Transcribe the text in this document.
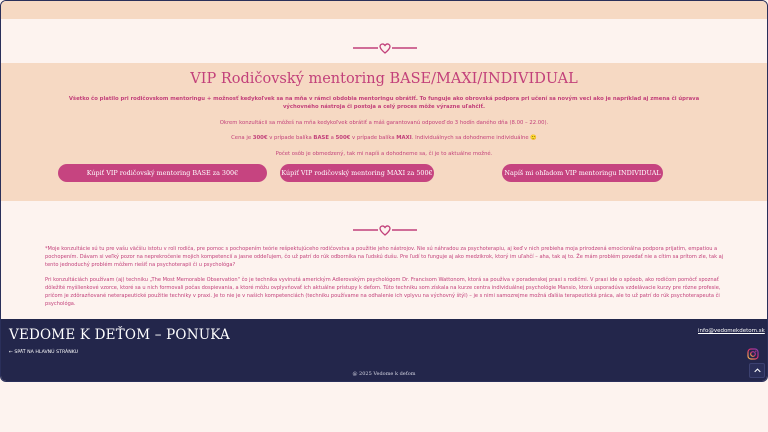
VIP Rodičovský mentoring BASE/MAXI/INDIVIDUAL
Všetko čo platilo pri rodičovskom mentoringu + možnosť kedykoľvek sa na mňa v rámci obdobia mentoringu obrátiť. To funguje ako obrovská podpora pri učení sa novým veci ako je napríklad aj zmena či úprava výchovného nástroja či postoja a celý proces môže výrazne uľahčiť.
Okrem konzultácii sa môžeš na mňa kedykoľvek obrátiť a máš garantovanú odpoveď do 3 hodín daného dňa (8.00 – 22.00).
Cena je 300€ v prípade balíka BASE a 500€ v prípade balíka MAXI. Individuálnych sa dohodneme individuálne 🙂
Počet osôb je obmedzený, tak mi napíš a dohodneme sa, či je to aktuálne možné.
Kúpiť VIP rodičovský mentoring BASE za 300€	Kúpiť VIP rodičovský mentoring MAXI za 500€	Napíš mi ohľadom VIP mentoringu INDIVIDUAL
*Moje konzultácie sú tu pre vašu väčšiu istotu v roli rodiča, pre pomoc s pochopením teórie rešpektujúceho rodičovstva a použitie jeho nástrojov. Nie sú náhradou za psychoterapiu, aj keď v nich prebieha moja prirodzená emocionálna podpora prijatím, empatiou a pochopením. Dávam si veľký pozor na neprekročenie mojich kompetencií a jasne oddeľujem, čo už patrí do rúk odborníka na ľudskú dušu. Pre ľudí to funguje aj ako medzikrok, ktorý im uľahčí – aha, tak aj to. Že mám problém povedať nie a cítim sa prítom zle, tak aj tento jednoduchý problém môžem riešiť na psychoterapii či u psychológa?
Pri konzultáciách používam (aj) techniku „The Most Memorable Observation" čo je technika vyvinutá americkým Adlerovským psychológom Dr. Francisom Wattonom, ktorá sa používa v poradenskej praxi s rodičmi. V praxi ide o spôsob, ako rodičom pomôcť spoznať dôležité myšlienkové vzorce, ktoré sa u nich formovali počas dospievania, a ktoré môžu ovplyvňovať ich aktuálne prístupy k deťom. Túto techniku som získala na kurze centra individuálnej psychológie Mansio, ktorá usporadúva vzdelávacie kurzy pre rôzne profesie, pričom je zdôrazňované neterapeutické použitie techniky v praxi. Je to nie je v našich kompetenciách (techniku používame na odhalenie ich vplyvu na výchovný štýl) – je s nimi samozrejme možná ďalšia terapeutická práca, ale to už patrí do rúk psychoterapeuta či psychológa.
VEDOME K DEŤOM – PONUKA
← SPÄŤ NA HLAVNÚ STRÁNKU
info@vedomekdetom.sk
@ 2025 Vedome k deťom
